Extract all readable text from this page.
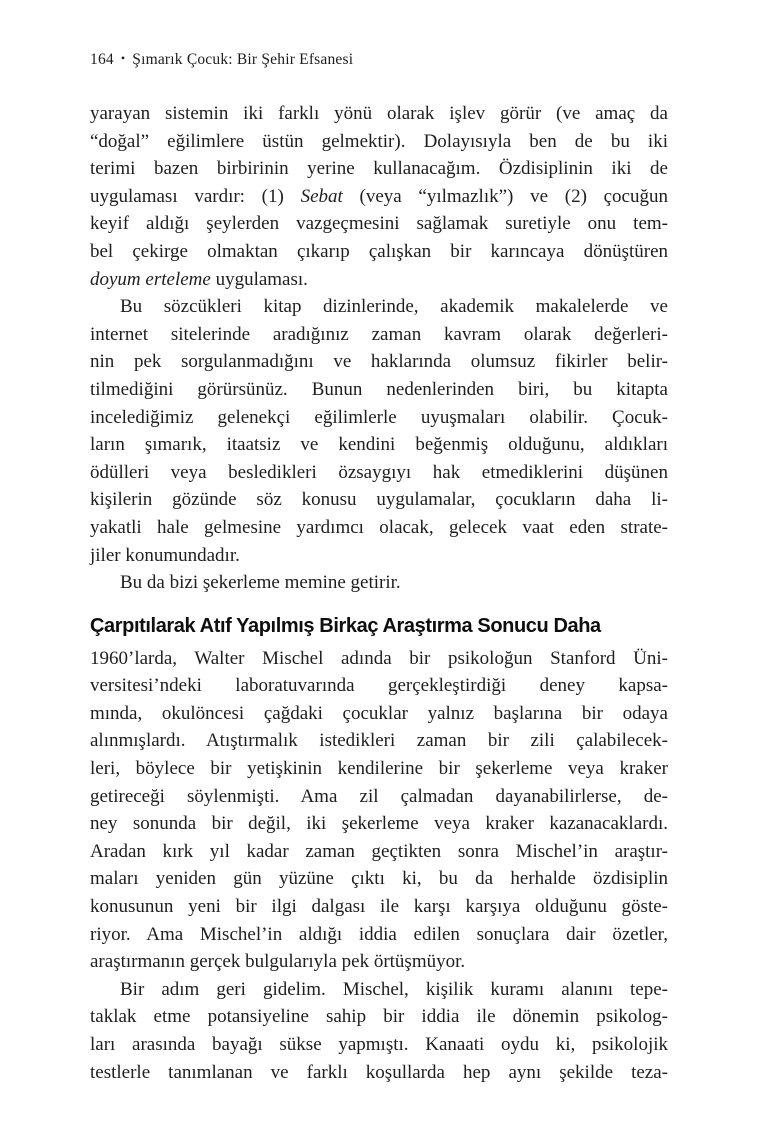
164 • Şımarık Çocuk: Bir Şehir Efsanesi
yarayan sistemin iki farklı yönü olarak işlev görür (ve amaç da
“doğal” eğilimlere üstün gelmektir). Dolayısıyla ben de bu iki
terimi bazen birbirinin yerine kullanacağım. Özdisiplinin iki de
uygulaması vardır: (1) Sebat (veya “yılmazlık”) ve (2) çocuğun
keyif aldığı şeylerden vazgeçmesini sağlamak suretiyle onu tem-
bel çekirge olmaktan çıkarıp çalışkan bir karıncaya dönüştüren
doyum erteleme uygulaması.
Bu sözcükleri kitap dizinlerinde, akademik makalelerde ve
internet sitelerinde aradığınız zaman kavram olarak değerleri-
nin pek sorgulanmadığını ve haklarında olumsuz fikirler belir-
tilmediğini görürsünüz. Bunun nedenlerinden biri, bu kitapta
incelediğimiz gelenekçi eğilimlerle uyuşmaları olabilir. Çocuk-
ların şımarık, itaatsiz ve kendini beğenmiş olduğunu, aldıkları
ödülleri veya besledikleri özsaygıyı hak etmediklerini düşünen
kişilerin gözünde söz konusu uygulamalar, çocukların daha li-
yakatli hale gelmesine yardımcı olacak, gelecek vaat eden strate-
jiler konumundadır.
Bu da bizi şekerleme memine getirir.
Çarpıtılarak Atıf Yapılmış Birkaç Araştırma Sonucu Daha
1960’larda, Walter Mischel adında bir psikoloğun Stanford Üni-
versitesi’ndeki laboratuvarında gerçekleştirdiği deney kapsa-
mında, okulöncesi çağdaki çocuklar yalnız başlarına bir odaya
alınmışlardı. Atıştırmalık istedikleri zaman bir zili çalabilecek-
leri, böylece bir yetişkinin kendilerine bir şekerleme veya kraker
getireceği söylenmişti. Ama zil çalmadan dayanabilirlerse, de-
ney sonunda bir değil, iki şekerleme veya kraker kazanacaklardı.
Aradan kırk yıl kadar zaman geçtikten sonra Mischel’in araştır-
maları yeniden gün yüzüne çıktı ki, bu da herhalde özdisiplin
konusunun yeni bir ilgi dalgası ile karşı karşıya olduğunu göste-
riyor. Ama Mischel’in aldığı iddia edilen sonuçlara dair özetler,
araştırmanın gerçek bulgularıyla pek örtüşmüyor.
Bir adım geri gidelim. Mischel, kişilik kuramı alanını tepe-
taklak etme potansiyeline sahip bir iddia ile dönemin psikolog-
ları arasında bayağı sükse yapmıştı. Kanaati oydu ki, psikolojik
testlerle tanımlanan ve farklı koşullarda hep aynı şekilde teza-
